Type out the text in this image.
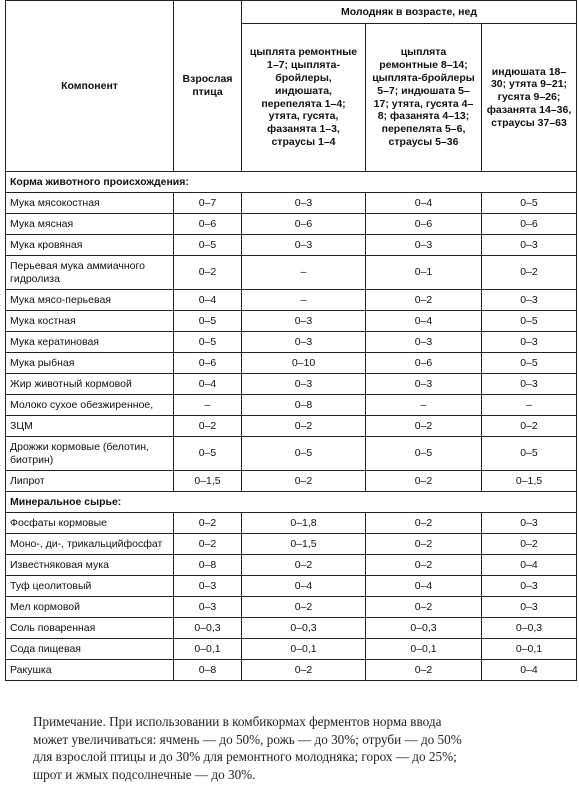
Компонент	Взрослая птица	Молодняк в возрасте, нед		
		цыплята ремонтные 1–7; цыплята-бройлеры, индюшата, перепелята 1–4; утята, гусята, фазанята 1–3, страусы 1–4	цыплята ремонтные 8–14; цыплята-бройлеры 5–7; индюшата 5–17; утята, гусята 4–8; фазанята 4–13; перепелята 5–6, страусы 5–36	индюшата 18–30; утята 9–21; гусята 9–26; фазанята 14–36, страусы 37–63
Корма животного происхождения:				
Мука мясокостная	0–7	0–3	0–4	0–5
Мука мясная	0–6	0–6	0–6	0–6
Мука кровяная	0–5	0–3	0–3	0–3
Перьевая мука аммиачного гидролиза	0–2	–	0–1	0–2
Мука мясо-перьевая	0–4	–	0–2	0–3
Мука костная	0–5	0–3	0–4	0–5
Мука кератиновая	0–5	0–3	0–3	0–3
Мука рыбная	0–6	0–10	0–6	0–5
Жир животный кормовой	0–4	0–3	0–3	0–3
Молоко сухое обезжиренное,	–	0–8	–	–
ЗЦМ	0–2	0–2	0–2	0–2
Дрожжи кормовые (белотин, биотрин)	0–5	0–5	0–5	0–5
Липрот	0–1,5	0–2	0–2	0–1,5
Минеральное сырье:				
Фосфаты кормовые	0–2	0–1,8	0–2	0–3
Моно-, ди-, трикальцийфосфат	0–2	0–1,5	0–2	0–2
Известняковая мука	0–8	0–2	0–2	0–4
Туф цеолитовый	0–3	0–4	0–4	0–3
Мел кормовой	0–3	0–2	0–2	0–3
Соль поваренная	0–0,3	0–0,3	0–0,3	0–0,3
Сода пищевая	0–0,1	0–0,1	0–0,1	0–0,1
Ракушка	0–8	0–2	0–2	0–4
Примечание. При использовании в комбикормах ферментов норма ввода
может увеличиваться: ячмень — до 50%, рожь — до 30%; отруби — до 50%
для взрослой птицы и до 30% для ремонтного молодняка; горох — до 25%;
шрот и жмых подсолнечные — до 30%.
